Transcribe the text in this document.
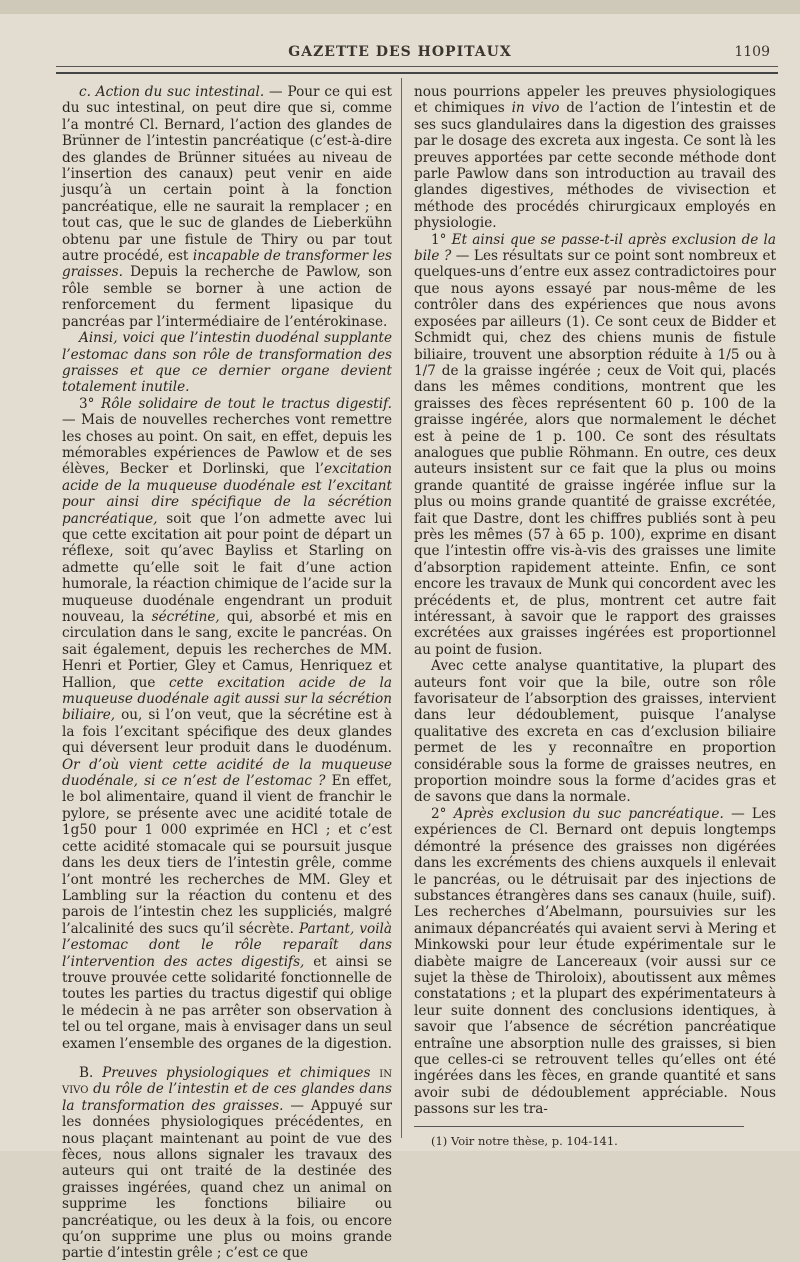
GAZETTE DES HOPITAUX	1109

c. Action du suc intestinal. — Pour ce qui est du suc intestinal, on peut dire que si, comme l’a montré Cl. Bernard, l’action des glandes de Brünner de l’intestin pancréatique (c’est-à-dire des glandes de Brünner situées au niveau de l’insertion des canaux) peut venir en aide jusqu’à un certain point à la fonction pancréatique, elle ne saurait la remplacer ; en tout cas, que le suc de glandes de Lieberkühn obtenu par une fistule de Thiry ou par tout autre procédé, est incapable de transformer les graisses. Depuis la recherche de Pawlow, son rôle semble se borner à une action de renforcement du ferment lipasique du pancréas par l’intermédiaire de l’entérokinase.

Ainsi, voici que l’intestin duodénal supplante l’estomac dans son rôle de transformation des graisses et que ce dernier organe devient totalement inutile.

3° Rôle solidaire de tout le tractus digestif. — Mais de nouvelles recherches vont remettre les choses au point. On sait, en effet, depuis les mémorables expériences de Pawlow et de ses élèves, Becker et Dorlinski, que l’excitation acide de la muqueuse duodénale est l’excitant pour ainsi dire spécifique de la sécrétion pancréatique, soit que l’on admette avec lui que cette excitation ait pour point de départ un réflexe, soit qu’avec Bayliss et Starling on admette qu’elle soit le fait d’une action humorale, la réaction chimique de l’acide sur la muqueuse duodénale engendrant un produit nouveau, la sécrétine, qui, absorbé et mis en circulation dans le sang, excite le pancréas. On sait également, depuis les recherches de MM. Henri et Portier, Gley et Camus, Henriquez et Hallion, que cette excitation acide de la muqueuse duodénale agit aussi sur la sécrétion biliaire, ou, si l’on veut, que la sécrétine est à la fois l’excitant spécifique des deux glandes qui déversent leur produit dans le duodénum. Or d’où vient cette acidité de la muqueuse duodénale, si ce n’est de l’estomac ? En effet, le bol alimentaire, quand il vient de franchir le pylore, se présente avec une acidité totale de 1g50 pour 1 000 exprimée en HCl ; et c’est cette acidité stomacale qui se poursuit jusque dans les deux tiers de l’intestin grêle, comme l’ont montré les recherches de MM. Gley et Lambling sur la réaction du contenu et des parois de l’intestin chez les suppliciés, malgré l’alcalinité des sucs qu’il sécrète. Partant, voilà l’estomac dont le rôle reparaît dans l’intervention des actes digestifs, et ainsi se trouve prouvée cette solidarité fonctionnelle de toutes les parties du tractus digestif qui oblige le médecin à ne pas arrêter son observation à tel ou tel organe, mais à envisager dans un seul examen l’ensemble des organes de la digestion.

B. Preuves physiologiques et chimiques in vivo du rôle de l’intestin et de ces glandes dans la transformation des graisses. — Appuyé sur les données physiologiques précédentes, en nous plaçant maintenant au point de vue des fèces, nous allons signaler les travaux des auteurs qui ont traité de la destinée des graisses ingérées, quand chez un animal on supprime les fonctions biliaire ou pancréatique, ou les deux à la fois, ou encore qu’on supprime une plus ou moins grande partie d’intestin grêle ; c’est ce que

nous pourrions appeler les preuves physiologiques et chimiques in vivo de l’action de l’intestin et de ses sucs glandulaires dans la digestion des graisses par le dosage des excreta aux ingesta. Ce sont là les preuves apportées par cette seconde méthode dont parle Pawlow dans son introduction au travail des glandes digestives, méthodes de vivisection et méthode des procédés chirurgicaux employés en physiologie.

1° Et ainsi que se passe-t-il après exclusion de la bile ? — Les résultats sur ce point sont nombreux et quelques-uns d’entre eux assez contradictoires pour que nous ayons essayé par nous-même de les contrôler dans des expériences que nous avons exposées par ailleurs (1). Ce sont ceux de Bidder et Schmidt qui, chez des chiens munis de fistule biliaire, trouvent une absorption réduite à 1/5 ou à 1/7 de la graisse ingérée ; ceux de Voit qui, placés dans les mêmes conditions, montrent que les graisses des fèces représentent 60 p. 100 de la graisse ingérée, alors que normalement le déchet est à peine de 1 p. 100. Ce sont des résultats analogues que publie Röhmann. En outre, ces deux auteurs insistent sur ce fait que la plus ou moins grande quantité de graisse ingérée influe sur la plus ou moins grande quantité de graisse excrétée, fait que Dastre, dont les chiffres publiés sont à peu près les mêmes (57 à 65 p. 100), exprime en disant que l’intestin offre vis-à-vis des graisses une limite d’absorption rapidement atteinte. Enfin, ce sont encore les travaux de Munk qui concordent avec les précédents et, de plus, montrent cet autre fait intéressant, à savoir que le rapport des graisses excrétées aux graisses ingérées est proportionnel au point de fusion.

Avec cette analyse quantitative, la plupart des auteurs font voir que la bile, outre son rôle favorisateur de l’absorption des graisses, intervient dans leur dédoublement, puisque l’analyse qualitative des excreta en cas d’exclusion biliaire permet de les y reconnaître en proportion considérable sous la forme de graisses neutres, en proportion moindre sous la forme d’acides gras et de savons que dans la normale.

2° Après exclusion du suc pancréatique. — Les expériences de Cl. Bernard ont depuis longtemps démontré la présence des graisses non digérées dans les excréments des chiens auxquels il enlevait le pancréas, ou le détruisait par des injections de substances étrangères dans ses canaux (huile, suif). Les recherches d’Abelmann, poursuivies sur les animaux dépancréatés qui avaient servi à Mering et Minkowski pour leur étude expérimentale sur le diabète maigre de Lancereaux (voir aussi sur ce sujet la thèse de Thiroloix), aboutissent aux mêmes constatations ; et la plupart des expérimentateurs à leur suite donnent des conclusions identiques, à savoir que l’absence de sécrétion pancréatique entraîne une absorption nulle des graisses, si bien que celles-ci se retrouvent telles qu’elles ont été ingérées dans les fèces, en grande quantité et sans avoir subi de dédoublement appréciable. Nous passons sur les tra-

(1) Voir notre thèse, p. 104-141.
